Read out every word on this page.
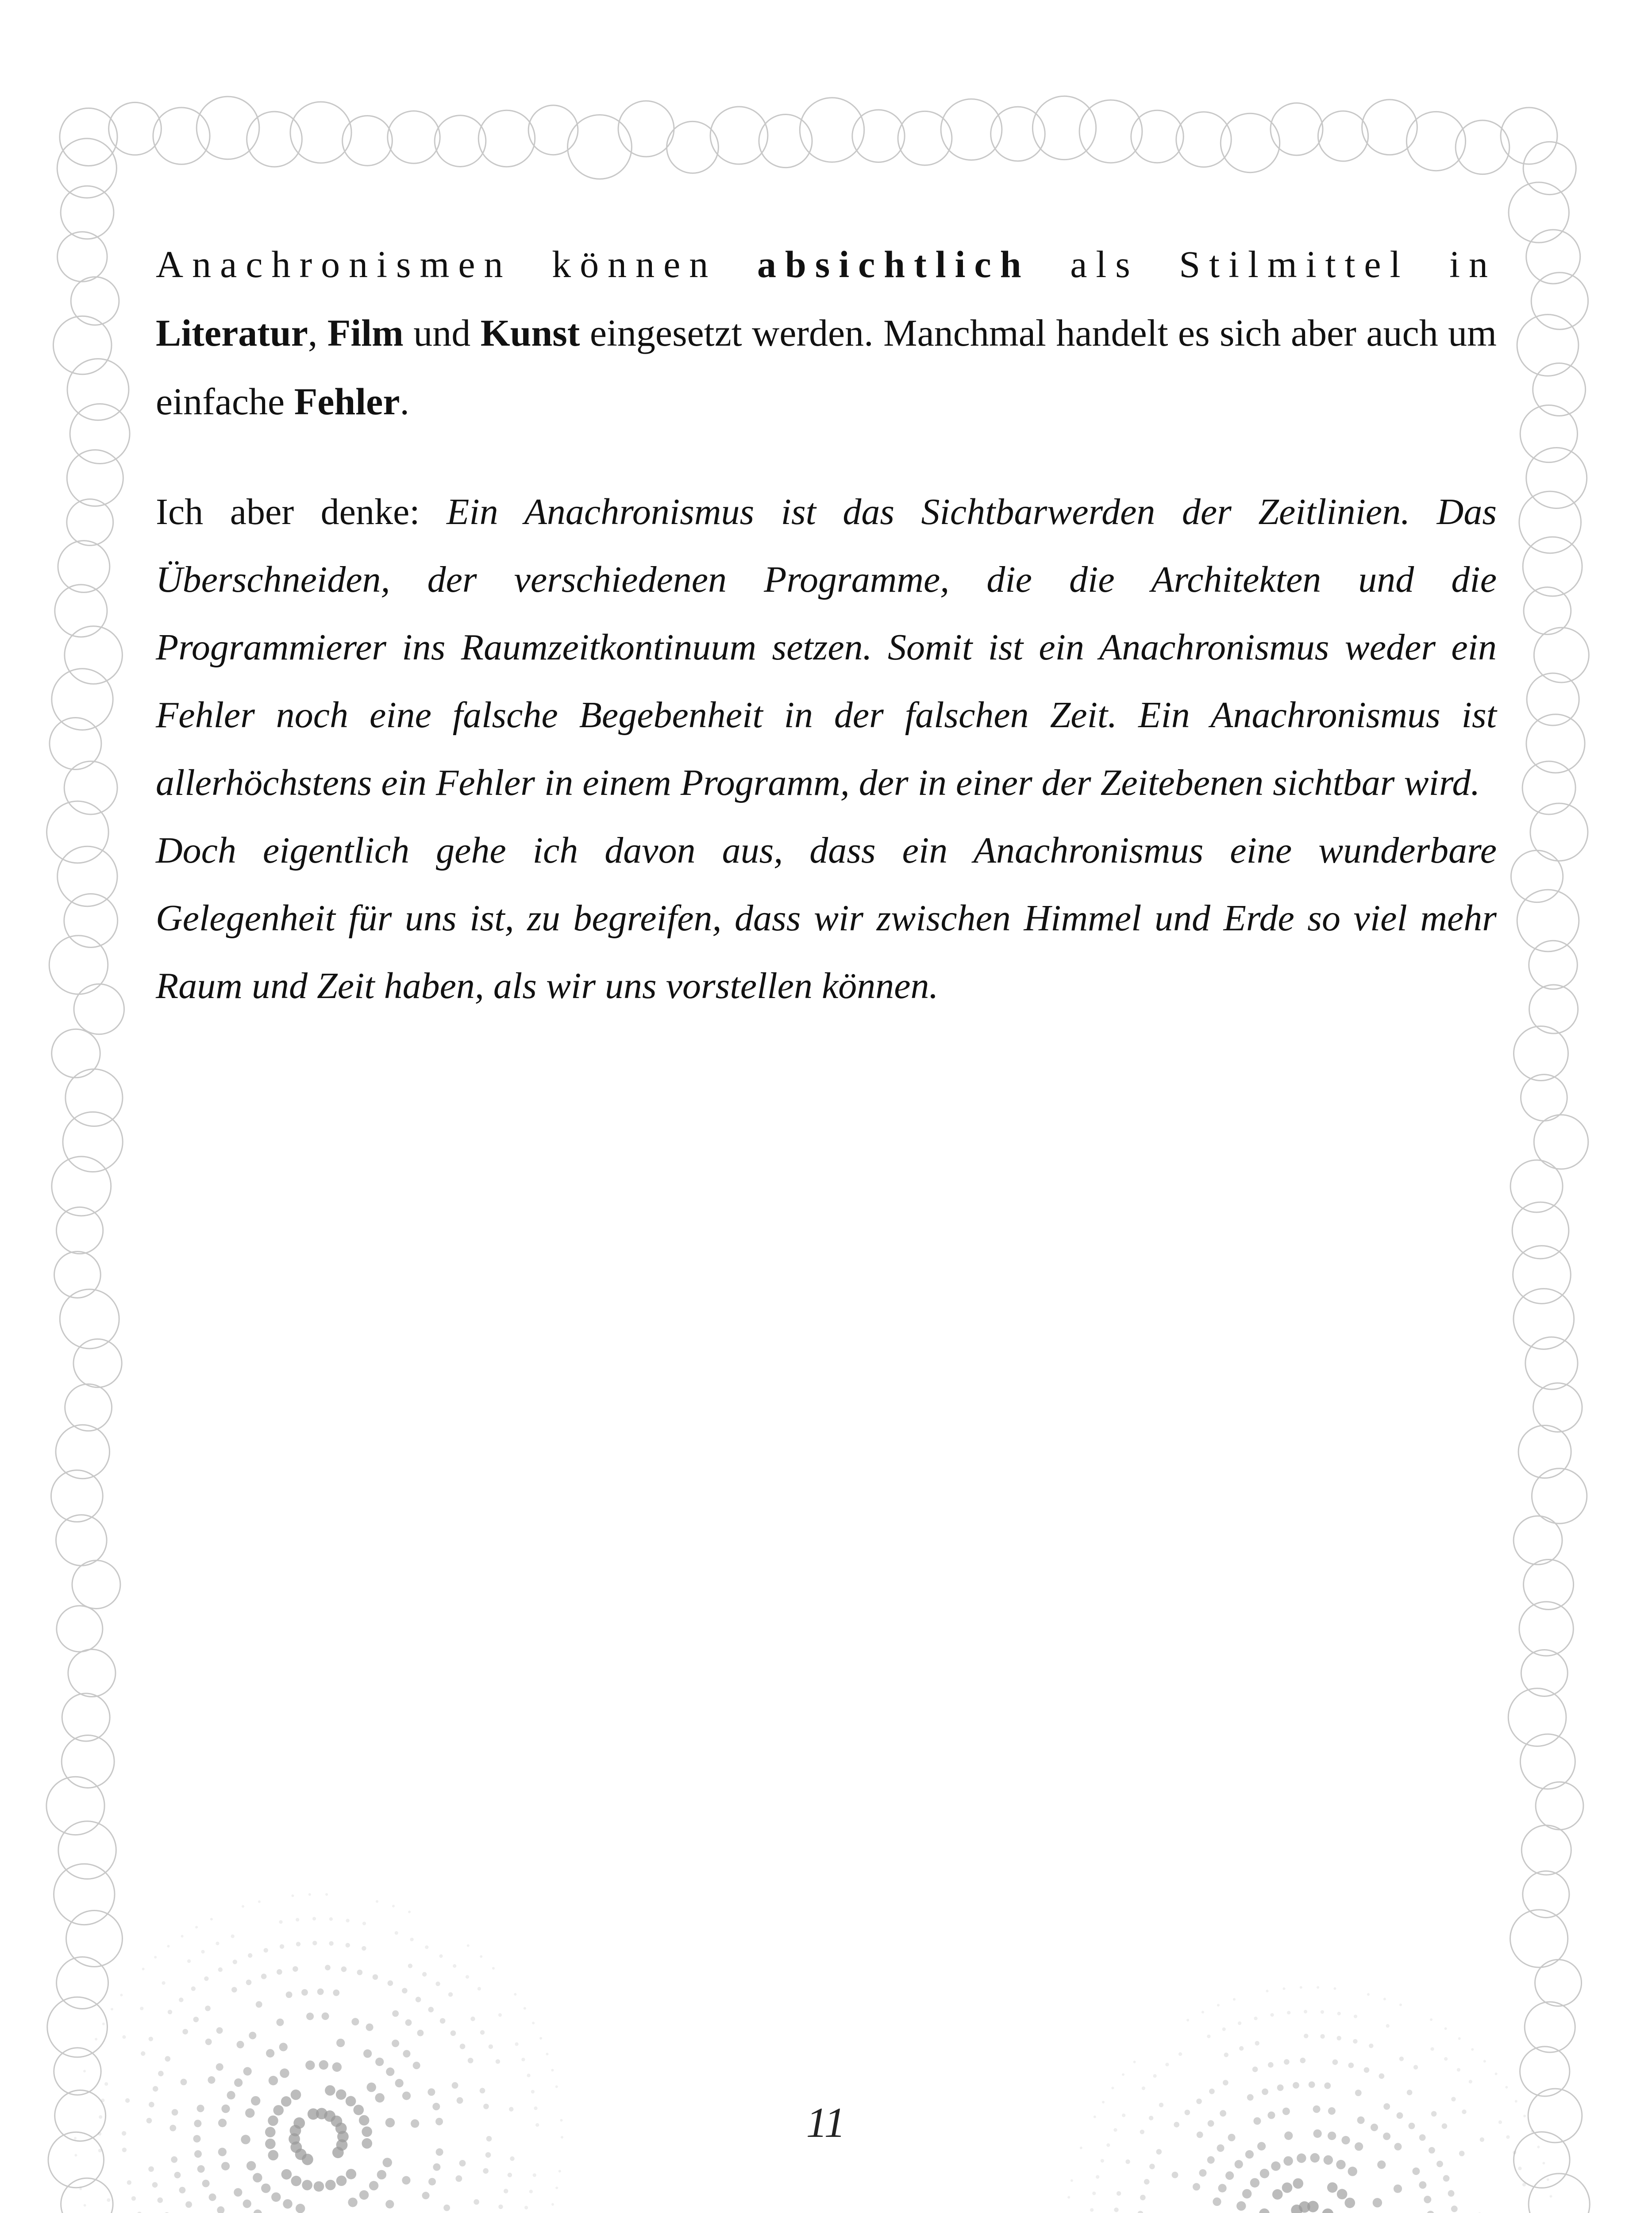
Anachronismen können absichtlich als Stilmittel in Literatur, Film und Kunst eingesetzt werden. Manchmal handelt es sich aber auch um einfache Fehler.

Ich aber denke: Ein Anachronismus ist das Sichtbarwerden der Zeitlinien. Das Überschneiden, der verschiedenen Programme, die die Architekten und die Programmierer ins Raumzeitkontinuum setzen. Somit ist ein Anachronismus weder ein Fehler noch eine falsche Begebenheit in der falschen Zeit. Ein Anachronismus ist allerhöchstens ein Fehler in einem Programm, der in einer der Zeitebenen sichtbar wird.

Doch eigentlich gehe ich davon aus, dass ein Anachronismus eine wunderbare Gelegenheit für uns ist, zu begreifen, dass wir zwischen Himmel und Erde so viel mehr Raum und Zeit haben, als wir uns vorstellen können.

11
